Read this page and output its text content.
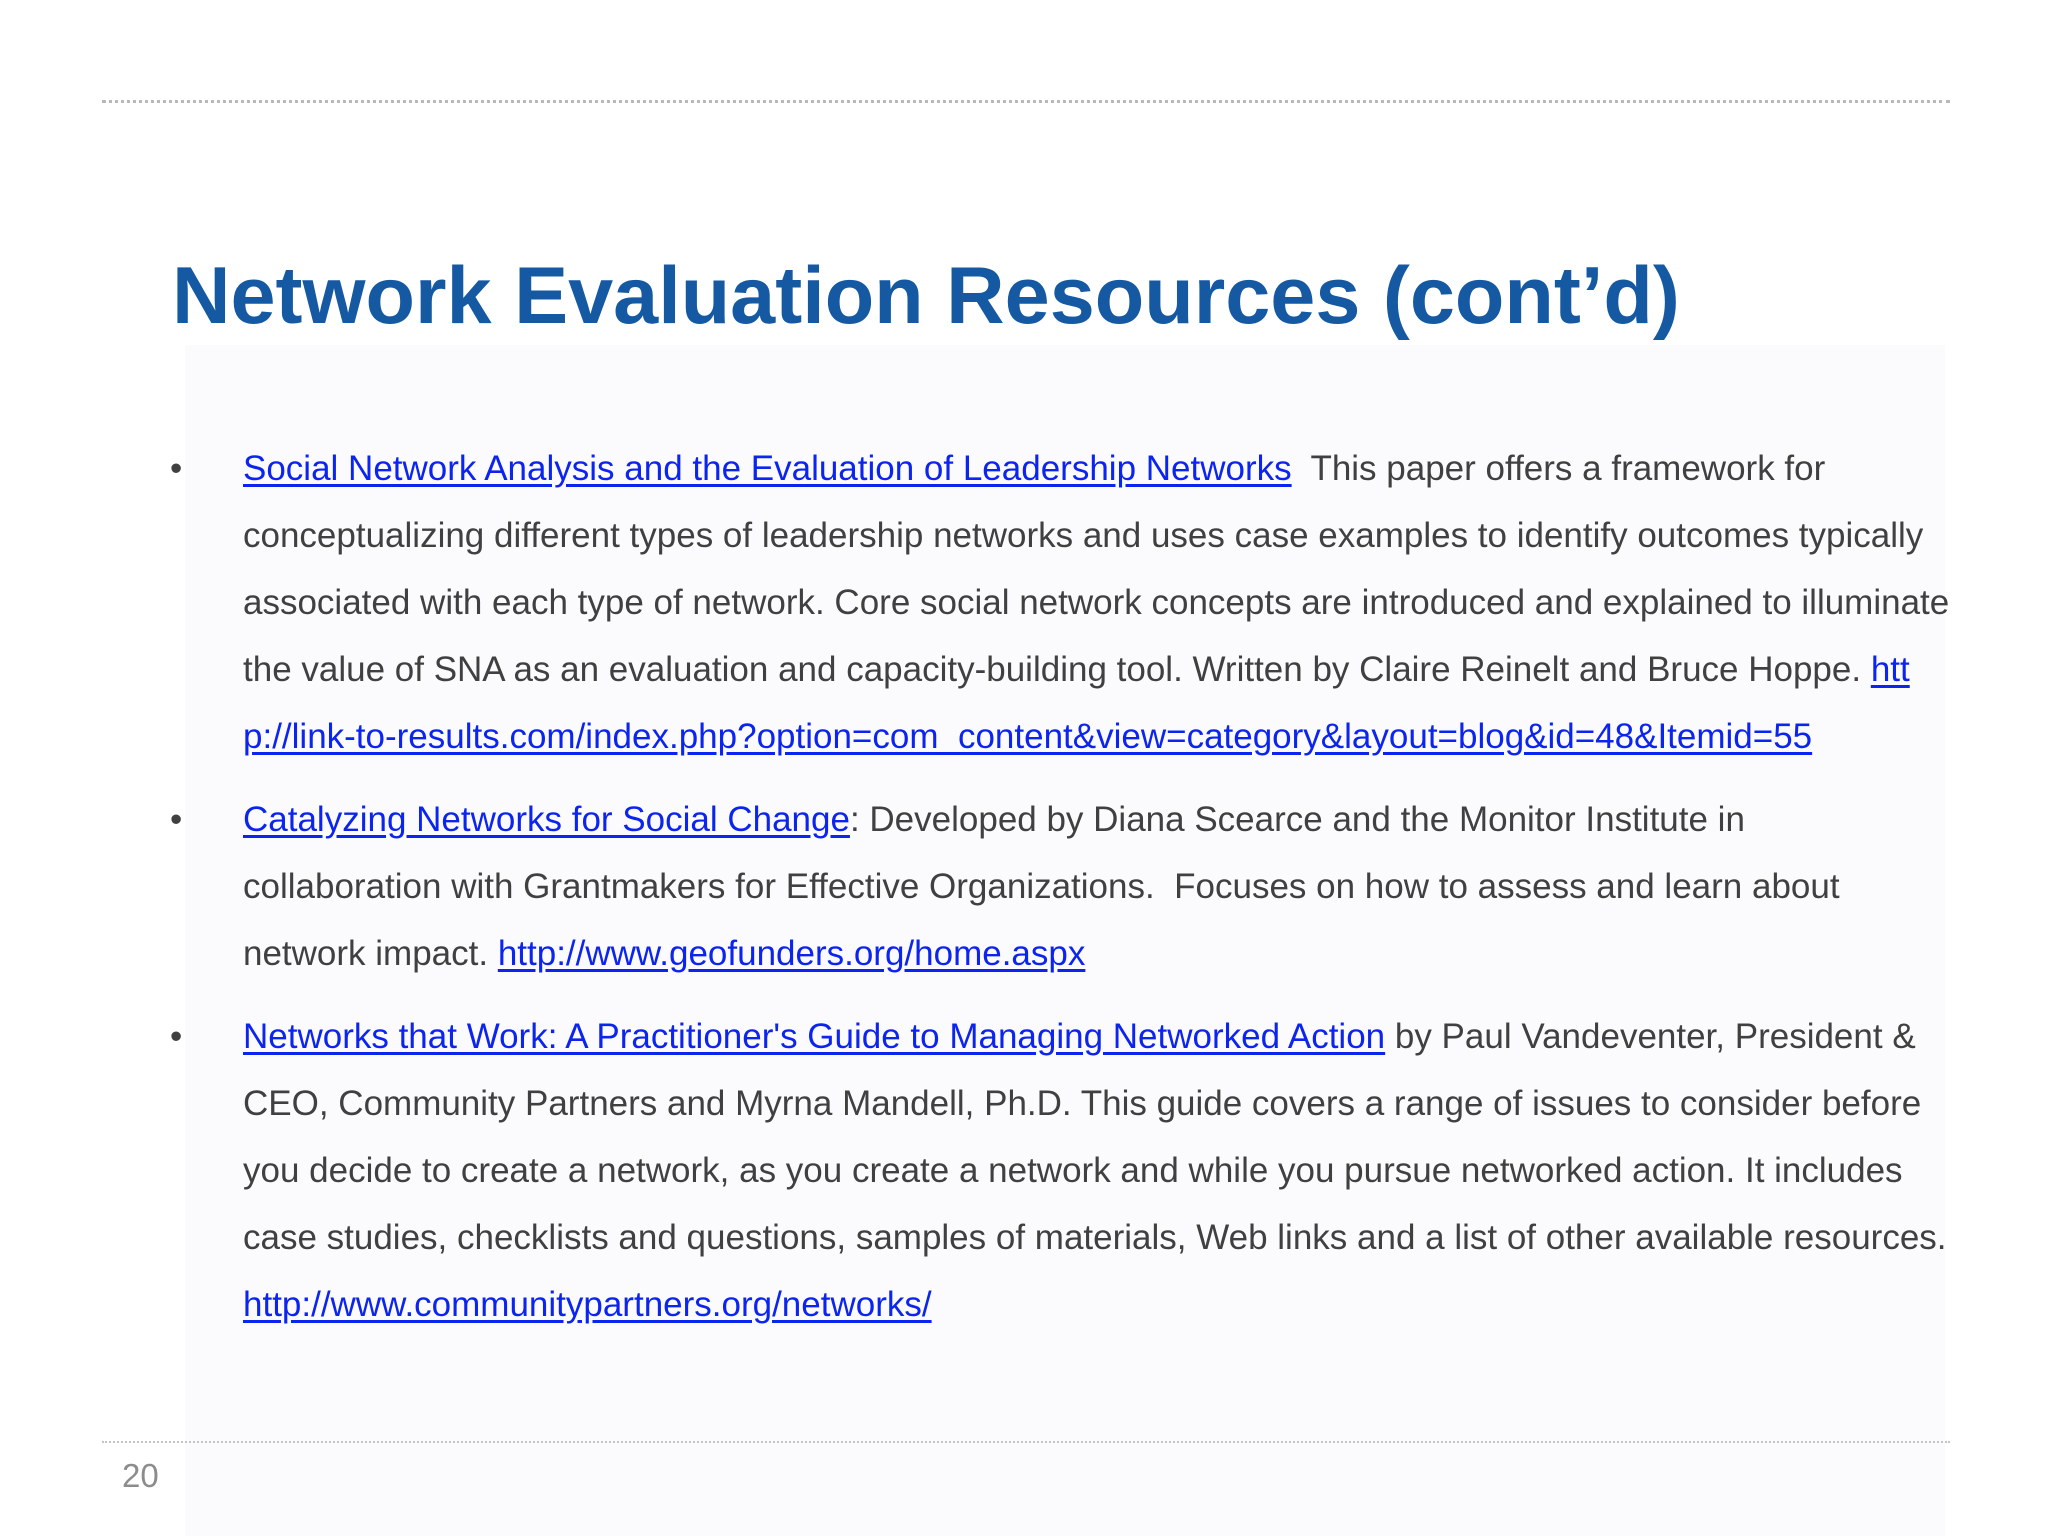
Network Evaluation Resources (cont’d)
•	Social Network Analysis and the Evaluation of Leadership Networks  This paper offers a framework for conceptualizing different types of leadership networks and uses case examples to identify outcomes typically associated with each type of network. Core social network concepts are introduced and explained to illuminate the value of SNA as an evaluation and capacity-building tool. Written by Claire Reinelt and Bruce Hoppe. http://link-to-results.com/index.php?option=com_content&view=category&layout=blog&id=48&Itemid=55
•	Catalyzing Networks for Social Change: Developed by Diana Scearce and the Monitor Institute in collaboration with Grantmakers for Effective Organizations.  Focuses on how to assess and learn about network impact. http://www.geofunders.org/home.aspx
•	Networks that Work: A Practitioner's Guide to Managing Networked Action by Paul Vandeventer, President & CEO, Community Partners and Myrna Mandell, Ph.D. This guide covers a range of issues to consider before you decide to create a network, as you create a network and while you pursue networked action. It includes case studies, checklists and questions, samples of materials, Web links and a list of other available resources.  http://www.communitypartners.org/networks/
20
